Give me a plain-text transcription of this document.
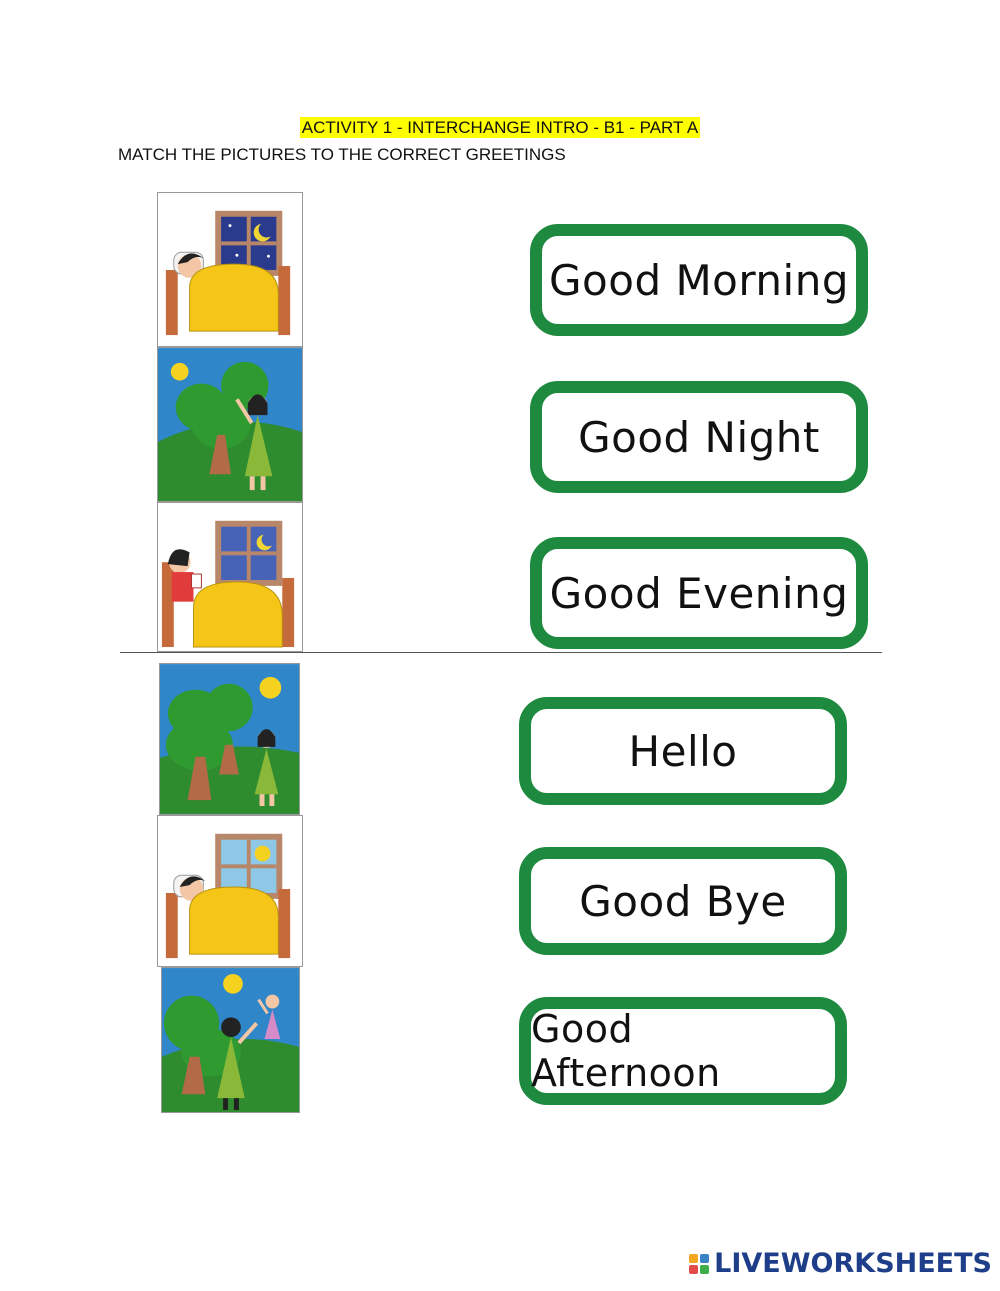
ACTIVITY 1 - INTERCHANGE INTRO - B1 - PART A
MATCH THE PICTURES TO THE CORRECT GREETINGS
Good Morning
Good Night
Good Evening
Hello
Good Bye
Good Afternoon
LIVEWORKSHEETS
